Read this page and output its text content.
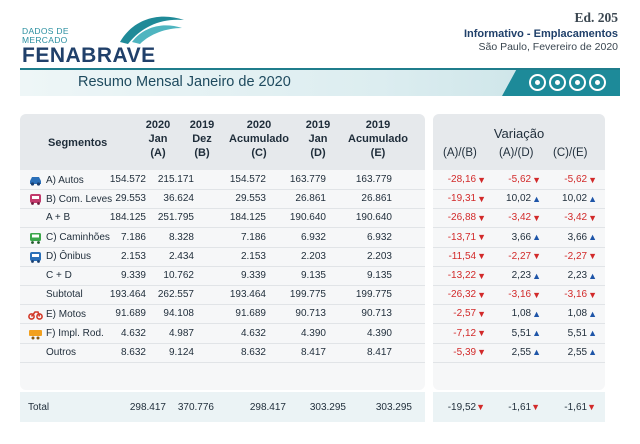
DADOS DE
MERCADO
FENABRAVE
Ed. 205
Informativo - Emplacamentos
São Paulo, Fevereiro de 2020
Resumo Mensal Janeiro de 2020
Segmentos
2020
Jan
(A)
2019
Dez
(B)
2020
Acumulado
(C)
2019
Jan
(D)
2019
Acumulado
(E)
A) Autos	154.572	215.171	154.572	163.779	163.779
B) Com. Leves 29.553	36.624	29.553	26.861	26.861
A + B	184.125	251.795	184.125	190.640	190.640
C) Caminhões	7.186	8.328	7.186	6.932	6.932
D) Ônibus	2.153	2.434	2.153	2.203	2.203
C + D	9.339	10.762	9.339	9.135	9.135
Subtotal	193.464	262.557	193.464	199.775	199.775
E) Motos	91.689	94.108	91.689	90.713	90.713
F) Impl. Rod.	4.632	4.987	4.632	4.390	4.390
Outros	8.632	9.124	8.632	8.417	8.417
Variação
(A)/(B) (A)/(D) (C)/(E)
-28,16 ▼ -5,62 ▼ -5,62 ▼
-19,31 ▼ 10,02 ▲ 10,02 ▲
-26,88 ▼ -3,42 ▼ -3,42 ▼
-13,71 ▼	3,66 ▲	3,66 ▲
-11,54 ▼ -2,27 ▼ -2,27 ▼
-13,22 ▼	2,23 ▲	2,23 ▲
-26,32 ▼ -3,16 ▼ -3,16 ▼
-2,57 ▼	1,08 ▲	1,08 ▲
-7,12 ▼	5,51 ▲	5,51 ▲
-5,39 ▼	2,55 ▲	2,55 ▲
Total	298.417	370.776	298.417	303.295	303.295	-19,52▼	-1,61▼	-1,61▼
